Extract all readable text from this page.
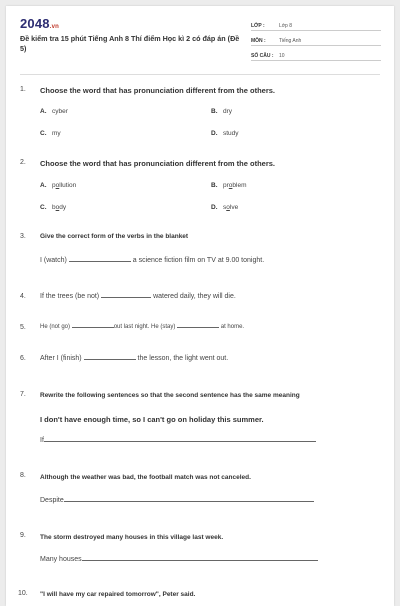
2048.vn
Đề kiểm tra 15 phút Tiếng Anh 8 Thí điểm Học kì 2 có đáp án (Đề 5)
LỚP :	Lớp 8
MÔN :	Tiếng Anh
SỐ CÂU : 10
1. Choose the word that has pronunciation different from the others.
A. cyber	B. dry
C. my	D. study
2. Choose the word that has pronunciation different from the others.
A. pollution	B. problem
C. body	D. solve
3. Give the correct form of the verbs in the blanket
I (watch)	a science fiction film on TV at 9.00 tonight.
4. If the trees (be not)	watered daily, they will die.
5. He (not go)	out last night. He (stay)	at home.
6. After I (finish)	the lesson, the light went out.
7. Rewrite the following sentences so that the second sentence has the same meaning
I don't have enough time, so I can't go on holiday this summer.
If
8. Although the weather was bad, the football match was not canceled.
Despite
9. The storm destroyed many houses in this village last week.
Many houses
10. "I will have my car repaired tomorrow", Peter said.
